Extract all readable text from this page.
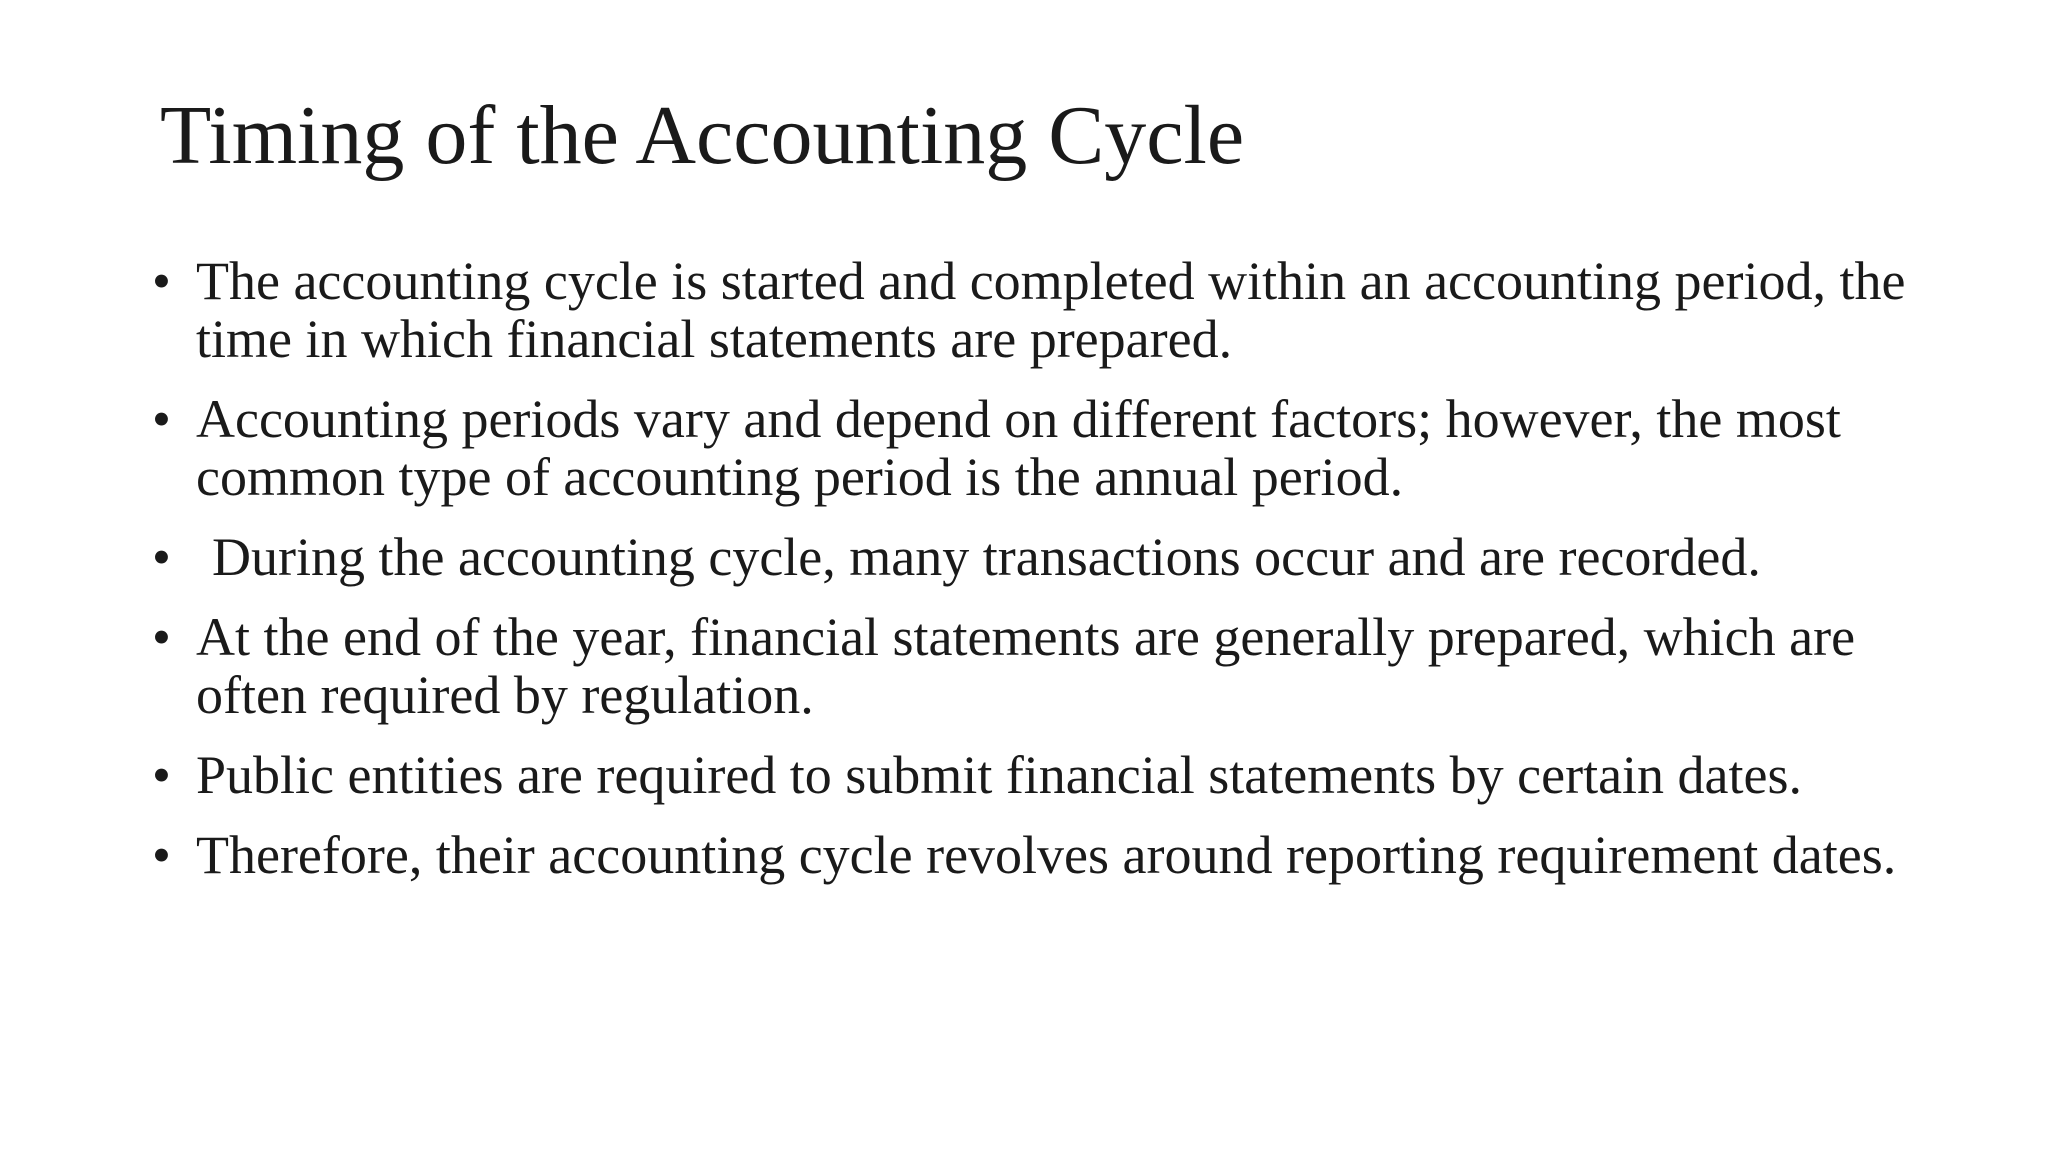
Timing of the Accounting Cycle
• The accounting cycle is started and completed within an accounting period, the time in which financial statements are prepared.
• Accounting periods vary and depend on different factors; however, the most common type of accounting period is the annual period.
• During the accounting cycle, many transactions occur and are recorded.
• At the end of the year, financial statements are generally prepared, which are often required by regulation.
• Public entities are required to submit financial statements by certain dates.
• Therefore, their accounting cycle revolves around reporting requirement dates.
